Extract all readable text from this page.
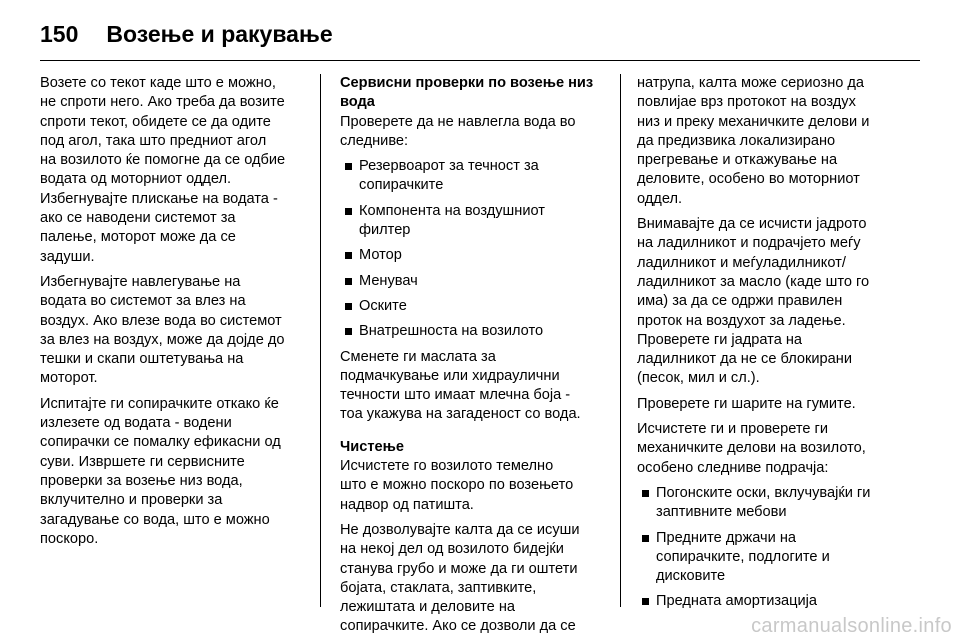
150 Возење и ракување

Возете со текот каде што е можно,
не спроти него. Ако треба да возите
спроти текот, обидете се да одите
под агол, така што предниот агол
на возилото ќе помогне да се одбие
водата од моторниот оддел.
Избегнувајте плискање на водата -
ако се наводени системот за
палење, моторот може да се
задуши.

Избегнувајте навлегување на
водата во системот за влез на
воздух. Ако влезе вода во системот
за влез на воздух, може да дојде до
тешки и скапи оштетувања на
моторот.

Испитајте ги сопирачките откако ќе
излезете од водата - водени
сопирачки се помалку ефикасни од
суви. Извршете ги сервисните
проверки за возење низ вода,
вклучително и проверки за
загадување со вода, што е можно
поскоро.

Сервисни проверки по возење низ
вода

Проверете да не навлегла вода во
следниве:

Резервоарот за течност за
сопирачките
Компонента на воздушниот
филтер
Мотор
Менувач
Оските
Внатрешноста на возилото

Сменете ги маслата за
подмачкување или хидраулични
течности што имаат млечна боја -
тоа укажува на загаденост со вода.

Чистење

Исчистете го возилото темелно
што е можно поскоро по возењето
надвор од патишта.

Не дозволувајте калта да се исуши
на некој дел од возилото бидејќи
станува грубо и може да ги оштети
бојата, стаклата, заптивките,
лежиштата и деловите на
сопирачките. Ако се дозволи да се

натрупа, калта може сериозно да
повлијае врз протокот на воздух
низ и преку механичките делови и
да предизвика локализирано
прегревање и откажување на
деловите, особено во моторниот
оддел.

Внимавајте да се исчисти јадрото
на ладилникот и подрачјето меѓу
ладилникот и меѓуладилникот/
ладилникот за масло (каде што го
има) за да се одржи правилен
проток на воздухот за ладење.
Проверете ги јадрата на
ладилникот да не се блокирани
(песок, мил и сл.).

Проверете ги шарите на гумите.

Исчистете ги и проверете ги
механичките делови на возилото,
особено следниве подрачја:

Погонските оски, вклучувајќи ги
заптивните мебови
Предните држачи на
сопирачките, подлогите и
дисковите
Предната амортизација
carmanualsonline.info
